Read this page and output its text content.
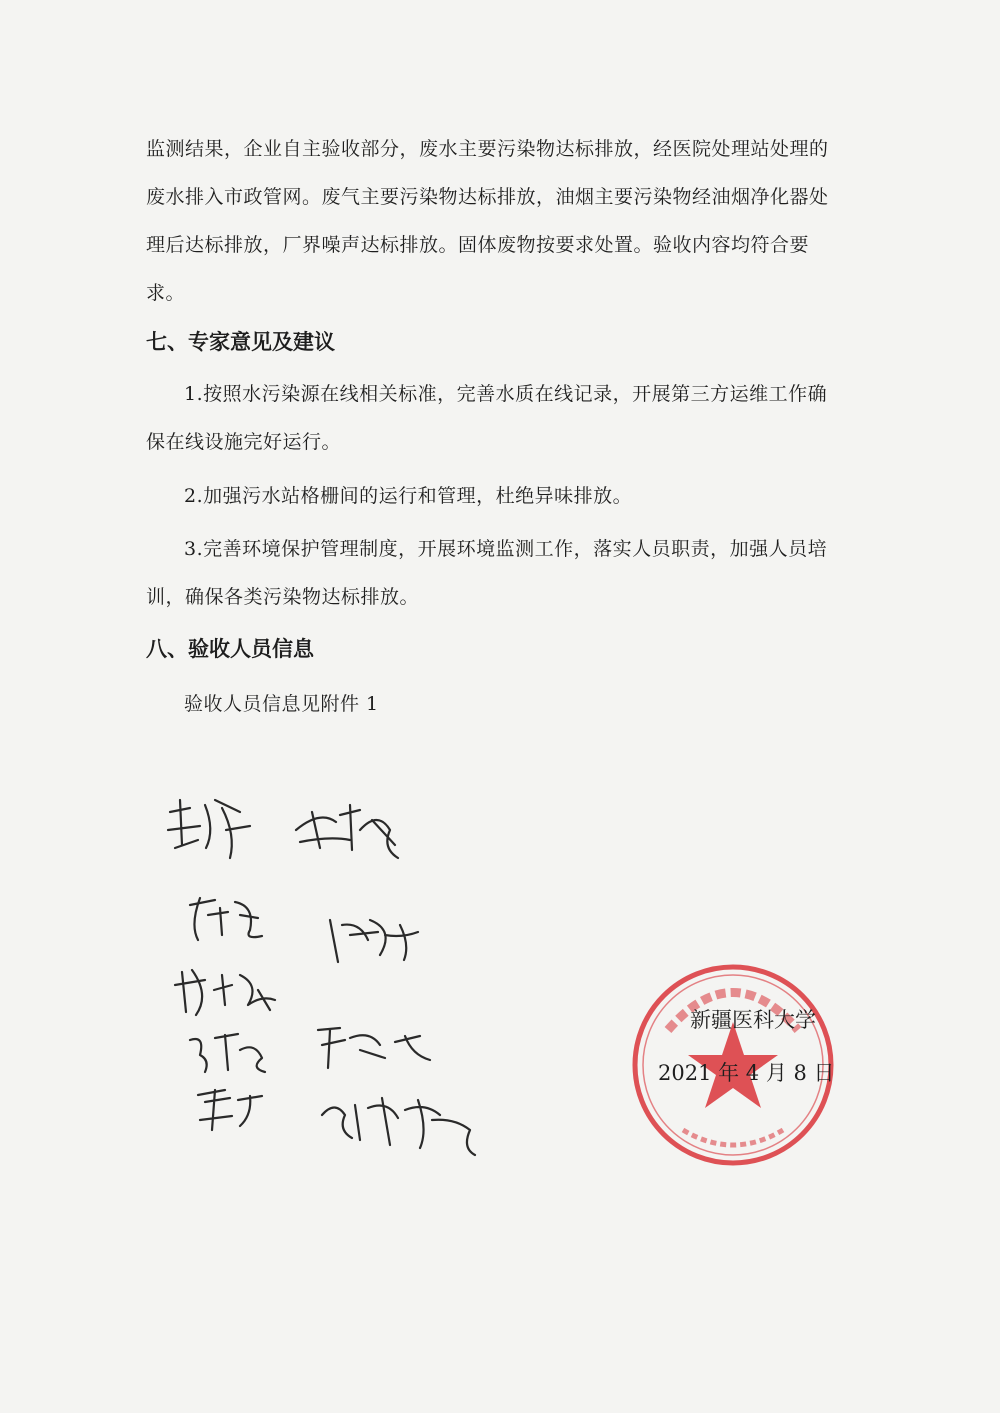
监测结果，企业自主验收部分，废水主要污染物达标排放，经医院处理站处理的废水排入市政管网。废气主要污染物达标排放，油烟主要污染物经油烟净化器处理后达标排放，厂界噪声达标排放。固体废物按要求处置。验收内容均符合要求。

七、专家意见及建议

1.按照水污染源在线相关标准，完善水质在线记录，开展第三方运维工作确保在线设施完好运行。

2.加强污水站格栅间的运行和管理，杜绝异味排放。

3.完善环境保护管理制度，开展环境监测工作，落实人员职责，加强人员培训，确保各类污染物达标排放。

八、验收人员信息

验收人员信息见附件 1

新疆医科大学
2021 年 4 月 8 日
